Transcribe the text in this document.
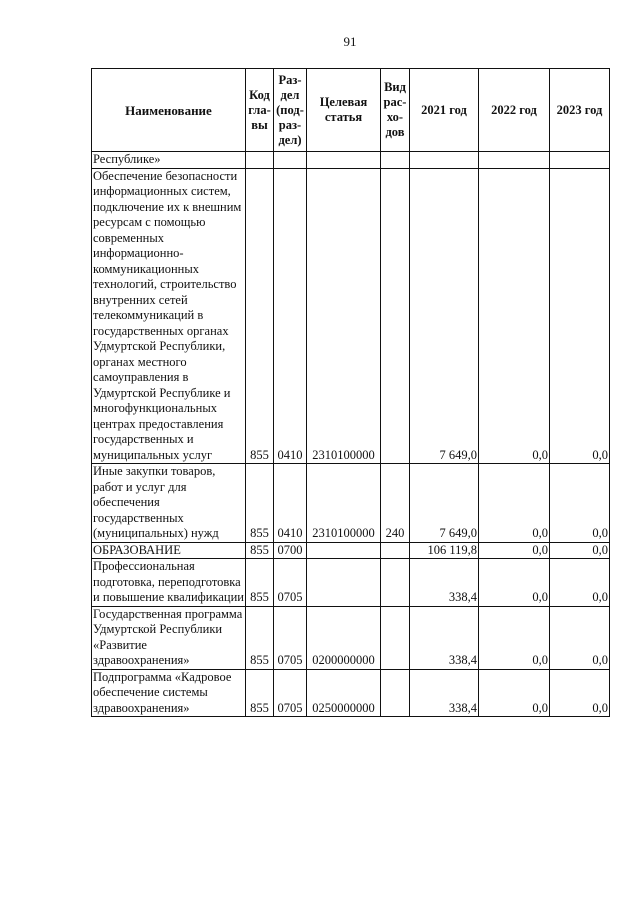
91
Наименование	Код гла-вы	Раз-дел (под-раз-дел)	Целевая статья	Вид рас-хо-дов	2021 год	2022 год	2023 год
Республике»							
Обеспечение безопасности информационных систем, подключение их к внешним ресурсам с помощью современных информационно-коммуникационных технологий, строительство внутренних сетей телекоммуникаций в государственных органах Удмуртской Республики, органах местного самоуправления в Удмуртской Республике и многофункциональных центрах предоставления государственных и муниципальных услуг	855	0410	2310100000		7 649,0	0,0	0,0
Иные закупки товаров, работ и услуг для обеспечения государственных (муниципальных) нужд	855	0410	2310100000	240	7 649,0	0,0	0,0
ОБРАЗОВАНИЕ	855	0700			106 119,8	0,0	0,0
Профессиональная подготовка, переподготовка и повышение квалификации	855	0705			338,4	0,0	0,0
Государственная программа Удмуртской Республики «Развитие здравоохранения»	855	0705	0200000000		338,4	0,0	0,0
Подпрограмма «Кадровое обеспечение системы здравоохранения»	855	0705	0250000000		338,4	0,0	0,0
